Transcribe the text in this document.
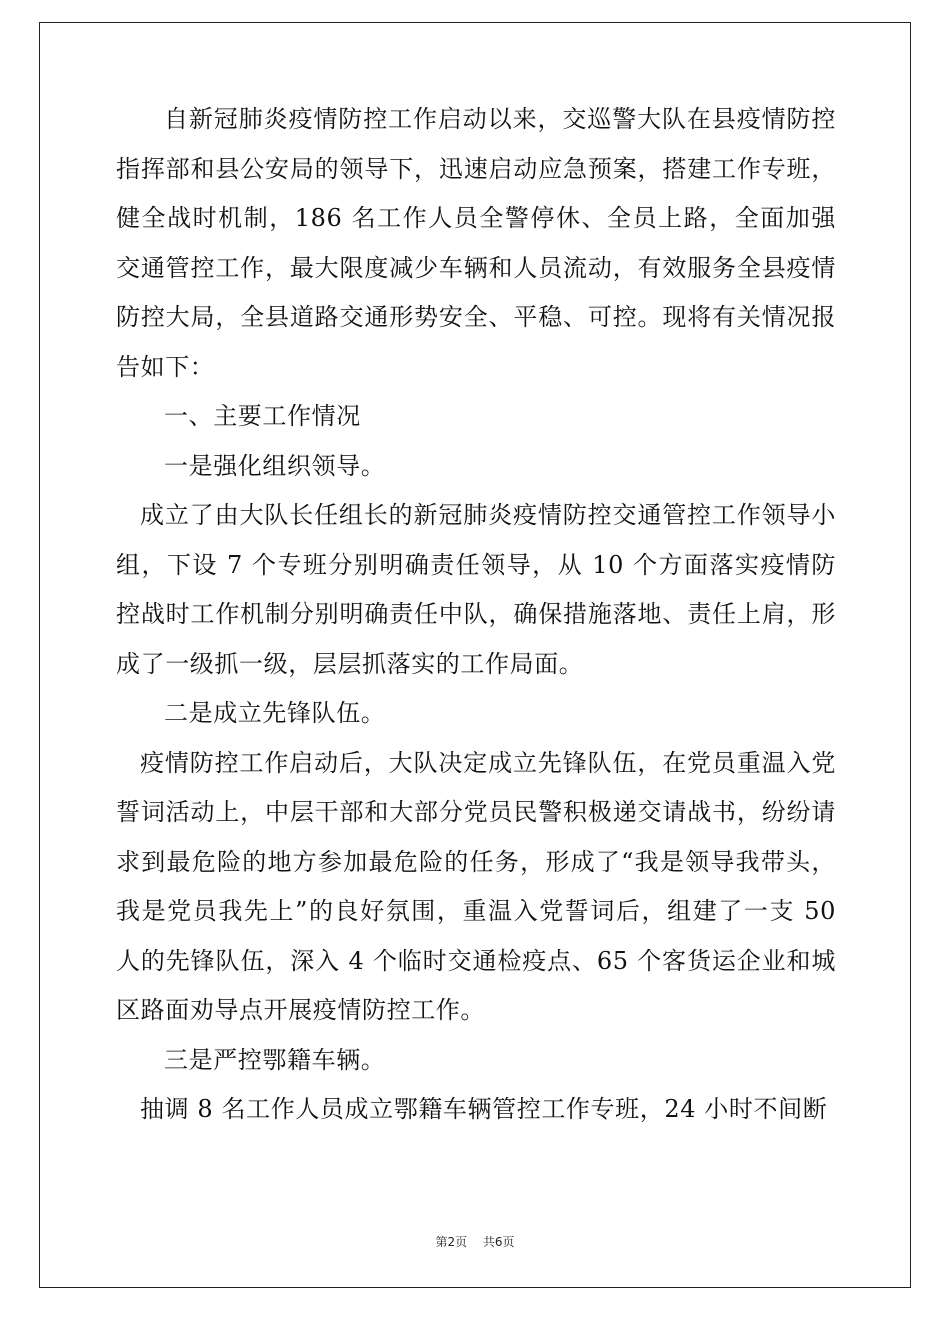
自新冠肺炎疫情防控工作启动以来，交巡警大队在县疫情防控指挥部和县公安局的领导下，迅速启动应急预案，搭建工作专班，健全战时机制，186 名工作人员全警停休、全员上路，全面加强交通管控工作，最大限度减少车辆和人员流动，有效服务全县疫情防控大局，全县道路交通形势安全、平稳、可控。现将有关情况报告如下：

一、主要工作情况

一是强化组织领导。

成立了由大队长任组长的新冠肺炎疫情防控交通管控工作领导小组，下设 7 个专班分别明确责任领导，从 10 个方面落实疫情防控战时工作机制分别明确责任中队，确保措施落地、责任上肩，形成了一级抓一级，层层抓落实的工作局面。

二是成立先锋队伍。

疫情防控工作启动后，大队决定成立先锋队伍，在党员重温入党誓词活动上，中层干部和大部分党员民警积极递交请战书，纷纷请求到最危险的地方参加最危险的任务，形成了“我是领导我带头，我是党员我先上”的良好氛围，重温入党誓词后，组建了一支 50 人的先锋队伍，深入 4 个临时交通检疫点、65 个客货运企业和城区路面劝导点开展疫情防控工作。

三是严控鄂籍车辆。

抽调 8 名工作人员成立鄂籍车辆管控工作专班，24 小时不间断

第2页 共6页
